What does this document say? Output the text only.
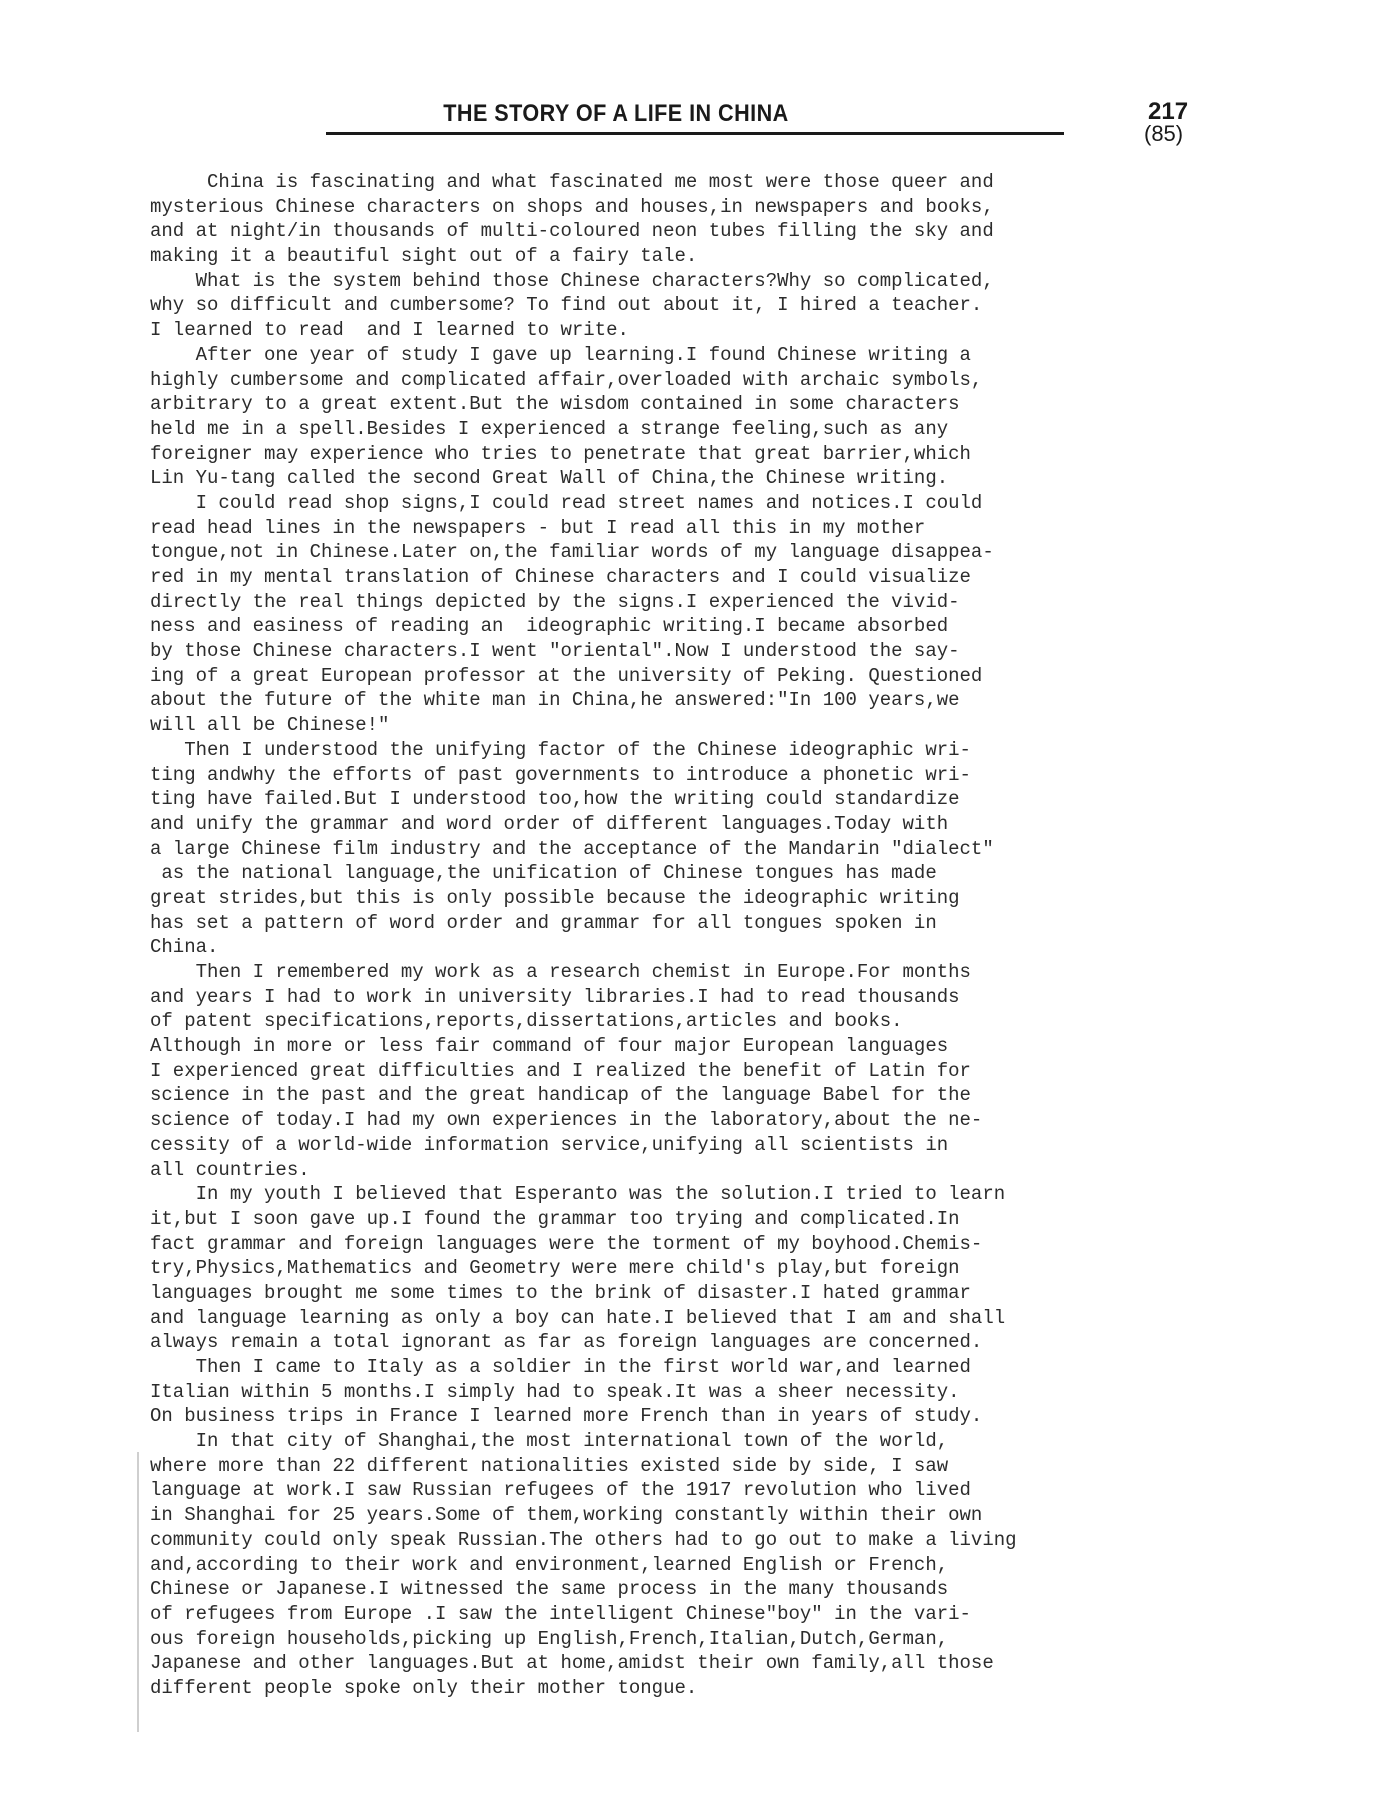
THE STORY OF A LIFE IN CHINA	217
(85)
China is fascinating and what fascinated me most were those queer and
mysterious Chinese characters on shops and houses,in newspapers and books,
and at night/in thousands of multi-coloured neon tubes filling the sky and
making it a beautiful sight out of a fairy tale.
What is the system behind those Chinese characters?Why so complicated,
why so difficult and cumbersome? To find out about it, I hired a teacher.
I learned to read  and I learned to write.
After one year of study I gave up learning.I found Chinese writing a
highly cumbersome and complicated affair,overloaded with archaic symbols,
arbitrary to a great extent.But the wisdom contained in some characters
held me in a spell.Besides I experienced a strange feeling,such as any
foreigner may experience who tries to penetrate that great barrier,which
Lin Yu-tang called the second Great Wall of China,the Chinese writing.
I could read shop signs,I could read street names and notices.I could
read head lines in the newspapers - but I read all this in my mother
tongue,not in Chinese.Later on,the familiar words of my language disappea-
red in my mental translation of Chinese characters and I could visualize
directly the real things depicted by the signs.I experienced the vivid-
ness and easiness of reading an  ideographic writing.I became absorbed
by those Chinese characters.I went "oriental".Now I understood the say-
ing of a great European professor at the university of Peking. Questioned
about the future of the white man in China,he answered:"In 100 years,we
will all be Chinese!"
Then I understood the unifying factor of the Chinese ideographic wri-
ting andwhy the efforts of past governments to introduce a phonetic wri-
ting have failed.But I understood too,how the writing could standardize
and unify the grammar and word order of different languages.Today with
a large Chinese film industry and the acceptance of the Mandarin "dialect"
as the national language,the unification of Chinese tongues has made
great strides,but this is only possible because the ideographic writing
has set a pattern of word order and grammar for all tongues spoken in
China.
Then I remembered my work as a research chemist in Europe.For months
and years I had to work in university libraries.I had to read thousands
of patent specifications,reports,dissertations,articles and books.
Although in more or less fair command of four major European languages
I experienced great difficulties and I realized the benefit of Latin for
science in the past and the great handicap of the language Babel for the
science of today.I had my own experiences in the laboratory,about the ne-
cessity of a world-wide information service,unifying all scientists in
all countries.
In my youth I believed that Esperanto was the solution.I tried to learn
it,but I soon gave up.I found the grammar too trying and complicated.In
fact grammar and foreign languages were the torment of my boyhood.Chemis-
try,Physics,Mathematics and Geometry were mere child's play,but foreign
languages brought me some times to the brink of disaster.I hated grammar
and language learning as only a boy can hate.I believed that I am and shall
always remain a total ignorant as far as foreign languages are concerned.
Then I came to Italy as a soldier in the first world war,and learned
Italian within 5 months.I simply had to speak.It was a sheer necessity.
On business trips in France I learned more French than in years of study.
In that city of Shanghai,the most international town of the world,
where more than 22 different nationalities existed side by side, I saw
language at work.I saw Russian refugees of the 1917 revolution who lived
in Shanghai for 25 years.Some of them,working constantly within their own
community could only speak Russian.The others had to go out to make a living
and,according to their work and environment,learned English or French,
Chinese or Japanese.I witnessed the same process in the many thousands
of refugees from Europe .I saw the intelligent Chinese"boy" in the vari-
ous foreign households,picking up English,French,Italian,Dutch,German,
Japanese and other languages.But at home,amidst their own family,all those
different people spoke only their mother tongue.
